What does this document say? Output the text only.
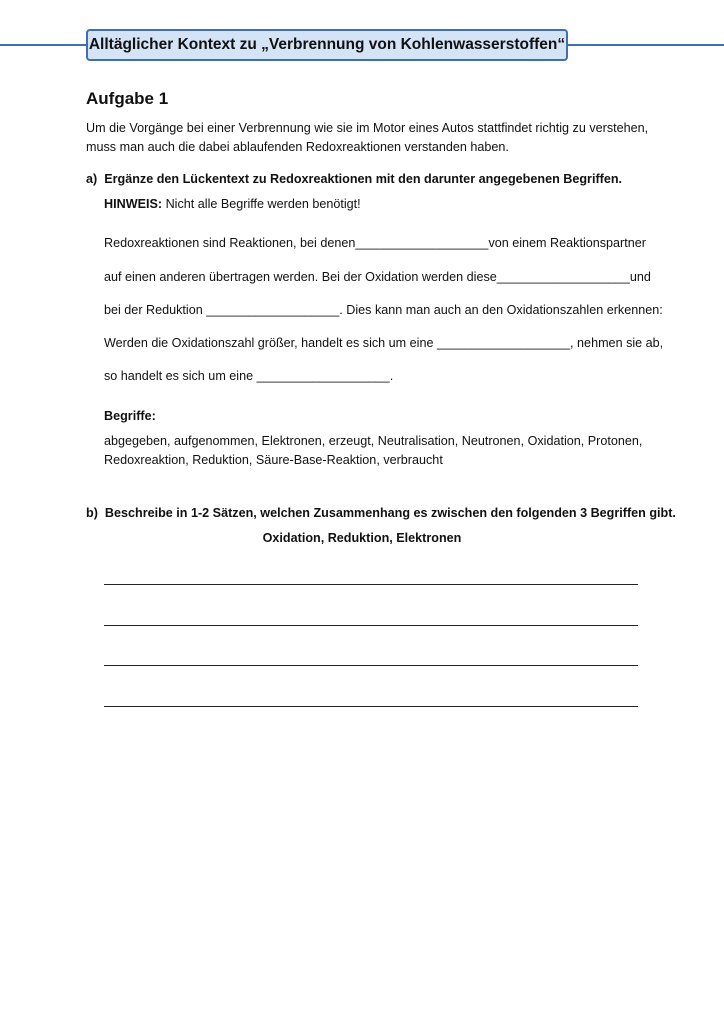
Alltäglicher Kontext zu „Verbrennung von Kohlenwasserstoffen“
Aufgabe 1
Um die Vorgänge bei einer Verbrennung wie sie im Motor eines Autos stattfindet richtig zu verstehen,
muss man auch die dabei ablaufenden Redoxreaktionen verstanden haben.
a) Ergänze den Lückentext zu Redoxreaktionen mit den darunter angegebenen Begriffen.
HINWEIS: Nicht alle Begriffe werden benötigt!
Redoxreaktionen sind Reaktionen, bei denen ___________________ von einem Reaktionspartner
auf einen anderen übertragen werden. Bei der Oxidation werden diese ___________________ und
bei der Reduktion ___________________. Dies kann man auch an den Oxidationszahlen erkennen:
Werden die Oxidationszahl größer, handelt es sich um eine ___________________, nehmen sie ab,
so handelt es sich um eine ___________________.
Begriffe:
abgegeben, aufgenommen, Elektronen, erzeugt, Neutralisation, Neutronen, Oxidation, Protonen,
Redoxreaktion, Reduktion, Säure-Base-Reaktion, verbraucht
b) Beschreibe in 1-2 Sätzen, welchen Zusammenhang es zwischen den folgenden 3 Begriffen gibt.
Oxidation, Reduktion, Elektronen
